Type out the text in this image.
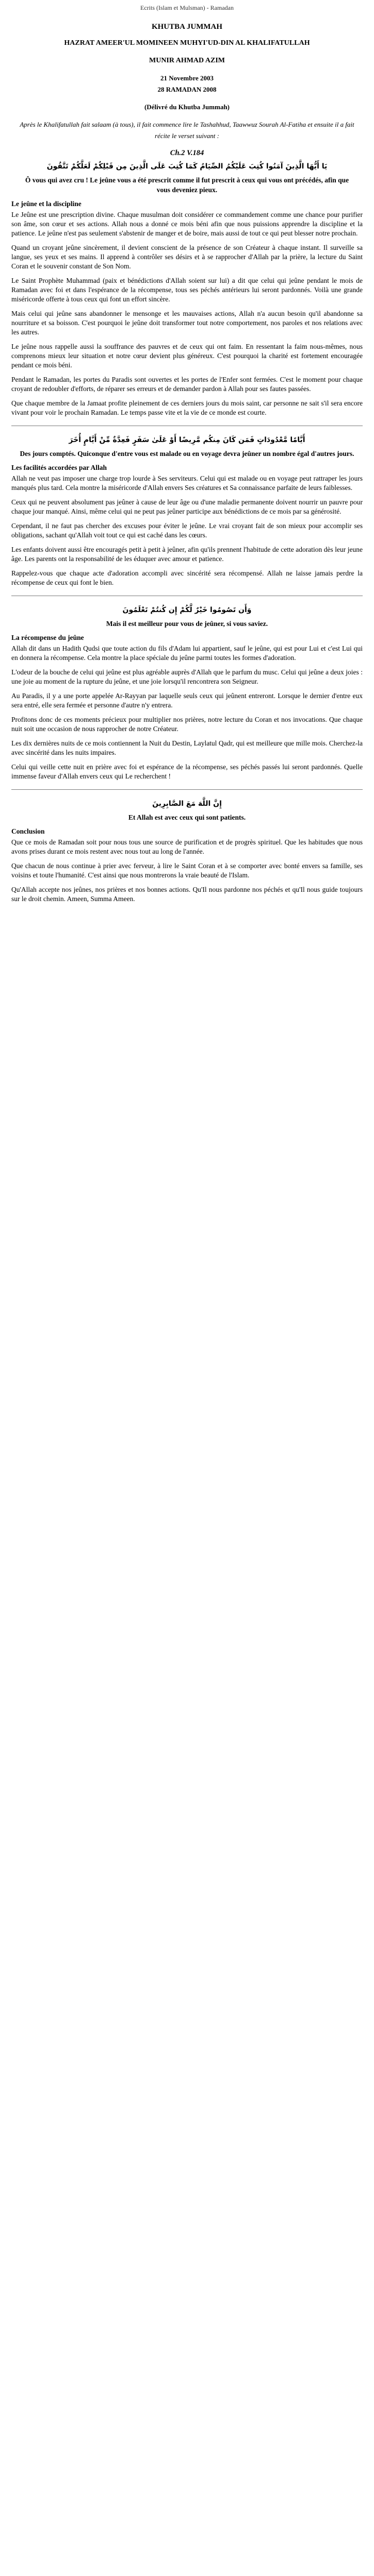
Ecrits (Islam et Mulsman) - Ramadan
KHUTBA JUMMAH
HAZRAT AMEER'UL MOMINEEN MUHYI'UD-DIN AL KHALIFATULLAH
MUNIR AHMAD AZIM
21 Novembre 2003
28 RAMADAN 2008
(Délivré du Khutba Jummah)
Après le Khalifatullah fait salaam (à tous), il fait commence lire le Tashahhud, Taawwuz Sourah Al-Fatiha et ensuite il a fait récite le verset suivant :
Ch.2 V.184
يَا أَيُّهَا الَّذِينَ آمَنُوا كُتِبَ عَلَيْكُمُ الصِّيَامُ كَمَا كُتِبَ عَلَى الَّذِينَ مِن قَبْلِكُمْ لَعَلَّكُمْ تَتَّقُونَ
Ô vous qui avez cru ! Le jeûne vous a été prescrit comme il fut prescrit à ceux qui vous ont précédés, afin que vous deveniez pieux.
Le jeûne et la discipline

Le Jeûne est une prescription divine. Chaque musulman doit considérer ce commandement comme une chance pour purifier son âme, son cœur et ses actions. Allah nous a donné ce mois béni afin que nous puissions apprendre la discipline et la patience. Le jeûne n'est pas seulement s'abstenir de manger et de boire, mais aussi de tout ce qui peut blesser notre prochain.

Quand un croyant jeûne sincèrement, il devient conscient de la présence de son Créateur à chaque instant. Il surveille sa langue, ses yeux et ses mains. Il apprend à contrôler ses désirs et à se rapprocher d'Allah par la prière, la lecture du Saint Coran et le souvenir constant de Son Nom.

Le Saint Prophète Muhammad (paix et bénédictions d'Allah soient sur lui) a dit que celui qui jeûne pendant le mois de Ramadan avec foi et dans l'espérance de la récompense, tous ses péchés antérieurs lui seront pardonnés. Voilà une grande miséricorde offerte à tous ceux qui font un effort sincère.

Mais celui qui jeûne sans abandonner le mensonge et les mauvaises actions, Allah n'a aucun besoin qu'il abandonne sa nourriture et sa boisson. C'est pourquoi le jeûne doit transformer tout notre comportement, nos paroles et nos relations avec les autres.

Le jeûne nous rappelle aussi la souffrance des pauvres et de ceux qui ont faim. En ressentant la faim nous-mêmes, nous comprenons mieux leur situation et notre cœur devient plus généreux. C'est pourquoi la charité est fortement encouragée pendant ce mois béni.

Pendant le Ramadan, les portes du Paradis sont ouvertes et les portes de l'Enfer sont fermées. C'est le moment pour chaque croyant de redoubler d'efforts, de réparer ses erreurs et de demander pardon à Allah pour ses fautes passées.

Que chaque membre de la Jamaat profite pleinement de ces derniers jours du mois saint, car personne ne sait s'il sera encore vivant pour voir le prochain Ramadan. Le temps passe vite et la vie de ce monde est courte.

أَيَّامًا مَّعْدُودَاتٍ فَمَن كَانَ مِنكُم مَّرِيضًا أَوْ عَلَىٰ سَفَرٍ فَعِدَّةٌ مِّنْ أَيَّامٍ أُخَرَ
Des jours comptés. Quiconque d'entre vous est malade ou en voyage devra jeûner un nombre égal d'autres jours.
Les facilités accordées par Allah

Allah ne veut pas imposer une charge trop lourde à Ses serviteurs. Celui qui est malade ou en voyage peut rattraper les jours manqués plus tard. Cela montre la miséricorde d'Allah envers Ses créatures et Sa connaissance parfaite de leurs faiblesses.

Ceux qui ne peuvent absolument pas jeûner à cause de leur âge ou d'une maladie permanente doivent nourrir un pauvre pour chaque jour manqué. Ainsi, même celui qui ne peut pas jeûner participe aux bénédictions de ce mois par sa générosité.

Cependant, il ne faut pas chercher des excuses pour éviter le jeûne. Le vrai croyant fait de son mieux pour accomplir ses obligations, sachant qu'Allah voit tout ce qui est caché dans les cœurs.

Les enfants doivent aussi être encouragés petit à petit à jeûner, afin qu'ils prennent l'habitude de cette adoration dès leur jeune âge. Les parents ont la responsabilité de les éduquer avec amour et patience.

Rappelez-vous que chaque acte d'adoration accompli avec sincérité sera récompensé. Allah ne laisse jamais perdre la récompense de ceux qui font le bien.

وَأَن تَصُومُوا خَيْرٌ لَّكُمْ إِن كُنتُمْ تَعْلَمُونَ
Mais il est meilleur pour vous de jeûner, si vous saviez.
La récompense du jeûne

Allah dit dans un Hadith Qudsi que toute action du fils d'Adam lui appartient, sauf le jeûne, qui est pour Lui et c'est Lui qui en donnera la récompense. Cela montre la place spéciale du jeûne parmi toutes les formes d'adoration.

L'odeur de la bouche de celui qui jeûne est plus agréable auprès d'Allah que le parfum du musc. Celui qui jeûne a deux joies : une joie au moment de la rupture du jeûne, et une joie lorsqu'il rencontrera son Seigneur.

Au Paradis, il y a une porte appelée Ar-Rayyan par laquelle seuls ceux qui jeûnent entreront. Lorsque le dernier d'entre eux sera entré, elle sera fermée et personne d'autre n'y entrera.

Profitons donc de ces moments précieux pour multiplier nos prières, notre lecture du Coran et nos invocations. Que chaque nuit soit une occasion de nous rapprocher de notre Créateur.

Les dix dernières nuits de ce mois contiennent la Nuit du Destin, Laylatul Qadr, qui est meilleure que mille mois. Cherchez-la avec sincérité dans les nuits impaires.

Celui qui veille cette nuit en prière avec foi et espérance de la récompense, ses péchés passés lui seront pardonnés. Quelle immense faveur d'Allah envers ceux qui Le recherchent !

إِنَّ اللَّهَ مَعَ الصَّابِرِينَ
Et Allah est avec ceux qui sont patients.
Conclusion

Que ce mois de Ramadan soit pour nous tous une source de purification et de progrès spirituel. Que les habitudes que nous avons prises durant ce mois restent avec nous tout au long de l'année.

Que chacun de nous continue à prier avec ferveur, à lire le Saint Coran et à se comporter avec bonté envers sa famille, ses voisins et toute l'humanité. C'est ainsi que nous montrerons la vraie beauté de l'Islam.

Qu'Allah accepte nos jeûnes, nos prières et nos bonnes actions. Qu'Il nous pardonne nos péchés et qu'Il nous guide toujours sur le droit chemin. Ameen, Summa Ameen.
